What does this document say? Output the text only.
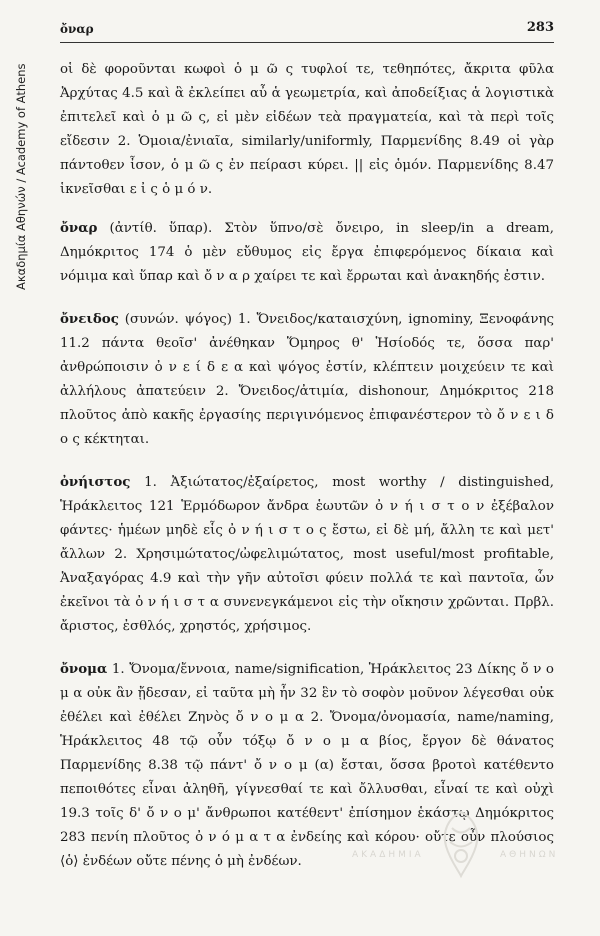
Ακαδημία Αθηνών / Academy of Athens
ὄναρ	283

οἱ δὲ φοροῦνται κωφοὶ ὁ μ ῶ ς τυφλοί τε, τεθηπότες, ἄκριτα φῦλα Ἀρχύτας 4.5 καὶ ἃ ἐκλείπει αὖ ἁ γεωμετρία, καὶ ἀποδείξιας ἁ λογιστικὰ ἐπιτελεῖ καὶ ὁ μ ῶ ς, εἰ μὲν εἰδέων τεὰ πραγματεία, καὶ τὰ περὶ τοῖς εἴδεσιν 2. Ὁμοια/ἐνιαῖα, similarly/uniformly, Παρμενίδης 8.49 οἱ γὰρ πάντοθεν ἶσον, ὁ μ ῶ ς ἐν πείρασι κύρει. || εἰς ὁμόν. Παρμενίδης 8.47 ἱκνεῖσθαι ε ἰ ς ὁ μ ό ν.

ὄναρ (ἀντίθ. ὕπαρ). Στὸν ὕπνο/σὲ ὄνειρο, in sleep/in a dream, Δημόκριτος 174 ὁ μὲν εὔθυμος εἰς ἔργα ἐπιφερόμενος δίκαια καὶ νόμιμα καὶ ὕπαρ καὶ ὄ ν α ρ χαίρει τε καὶ ἔρρωται καὶ ἀνακηδής ἐστιν.

ὄνειδος (συνών. ψόγος) 1. Ὄνειδος/καταισχύνη, ignominy, Ξενοφάνης 11.2 πάντα θεοῖσ' ἀνέθηκαν Ὅμηρος θ' Ἡσίοδός τε, ὅσσα παρ' ἀνθρώποισιν ὀ ν ε ί δ ε α καὶ ψόγος ἐστίν, κλέπτειν μοιχεύειν τε καὶ ἀλλήλους ἀπατεύειν 2. Ὄνειδος/ἀτιμία, dishonour, Δημόκριτος 218 πλοῦτος ἀπὸ κακῆς ἐργασίης περιγινόμενος ἐπιφανέστερον τὸ ὄ ν ε ι δ ο ς κέκτηται.

ὀνήιστος 1. Ἀξιώτατος/ἐξαίρετος, most worthy / distinguished, Ἡράκλειτος 121 Ἑρμόδωρον ἄνδρα ἑωυτῶν ὀ ν ή ι σ τ ο ν ἐξέβαλον φάντες· ἡμέων μηδὲ εἷς ὀ ν ή ι σ τ ο ς ἔστω, εἰ δὲ μή, ἄλλη τε καὶ μετ' ἄλλων 2. Χρησιμώτατος/ὠφελιμώτατος, most useful/most profitable, Ἀναξαγόρας 4.9 καὶ τὴν γῆν αὐτοῖσι φύειν πολλά τε καὶ παντοῖα, ὧν ἐκεῖνοι τὰ ὀ ν ή ι σ τ α συνενεγκάμενοι εἰς τὴν οἴκησιν χρῶνται. Πρβλ. ἄριστος, ἐσθλός, χρηστός, χρήσιμος.

ὄνομα 1. Ὄνομα/ἔννοια, name/signification, Ἡράκλειτος 23 Δίκης ὄ ν ο μ α οὐκ ἂν ᾔδεσαν, εἰ ταῦτα μὴ ἦν 32 ἓν τὸ σοφὸν μοῦνον λέγεσθαι οὐκ ἐθέλει καὶ ἐθέλει Ζηνὸς ὄ ν ο μ α 2. Ὄνομα/ὀνομασία, name/naming, Ἡράκλειτος 48 τῷ οὖν τόξῳ ὄ ν ο μ α βίος, ἔργον δὲ θάνατος Παρμενίδης 8.38 τῷ πάντ' ὄ ν ο μ (α) ἔσται, ὅσσα βροτοὶ κατέθεντο πεποιθότες εἶναι ἀληθῆ, γίγνεσθαί τε καὶ ὄλλυσθαι, εἶναί τε καὶ οὐχὶ 19.3 τοῖς δ' ὄ ν ο μ' ἄνθρωποι κατέθεντ' ἐπίσημον ἑκάστῳ Δημόκριτος 283 πενίη πλοῦτος ὀ ν ό μ α τ α ἐνδείης καὶ κόρου· οὔτε οὖν πλούσιος ⟨ὁ⟩ ἐνδέων οὔτε πένης ὁ μὴ ἐνδέων.	ΑΚΑΔΗΜΙΑ	ΑΘΗΝΩΝ
